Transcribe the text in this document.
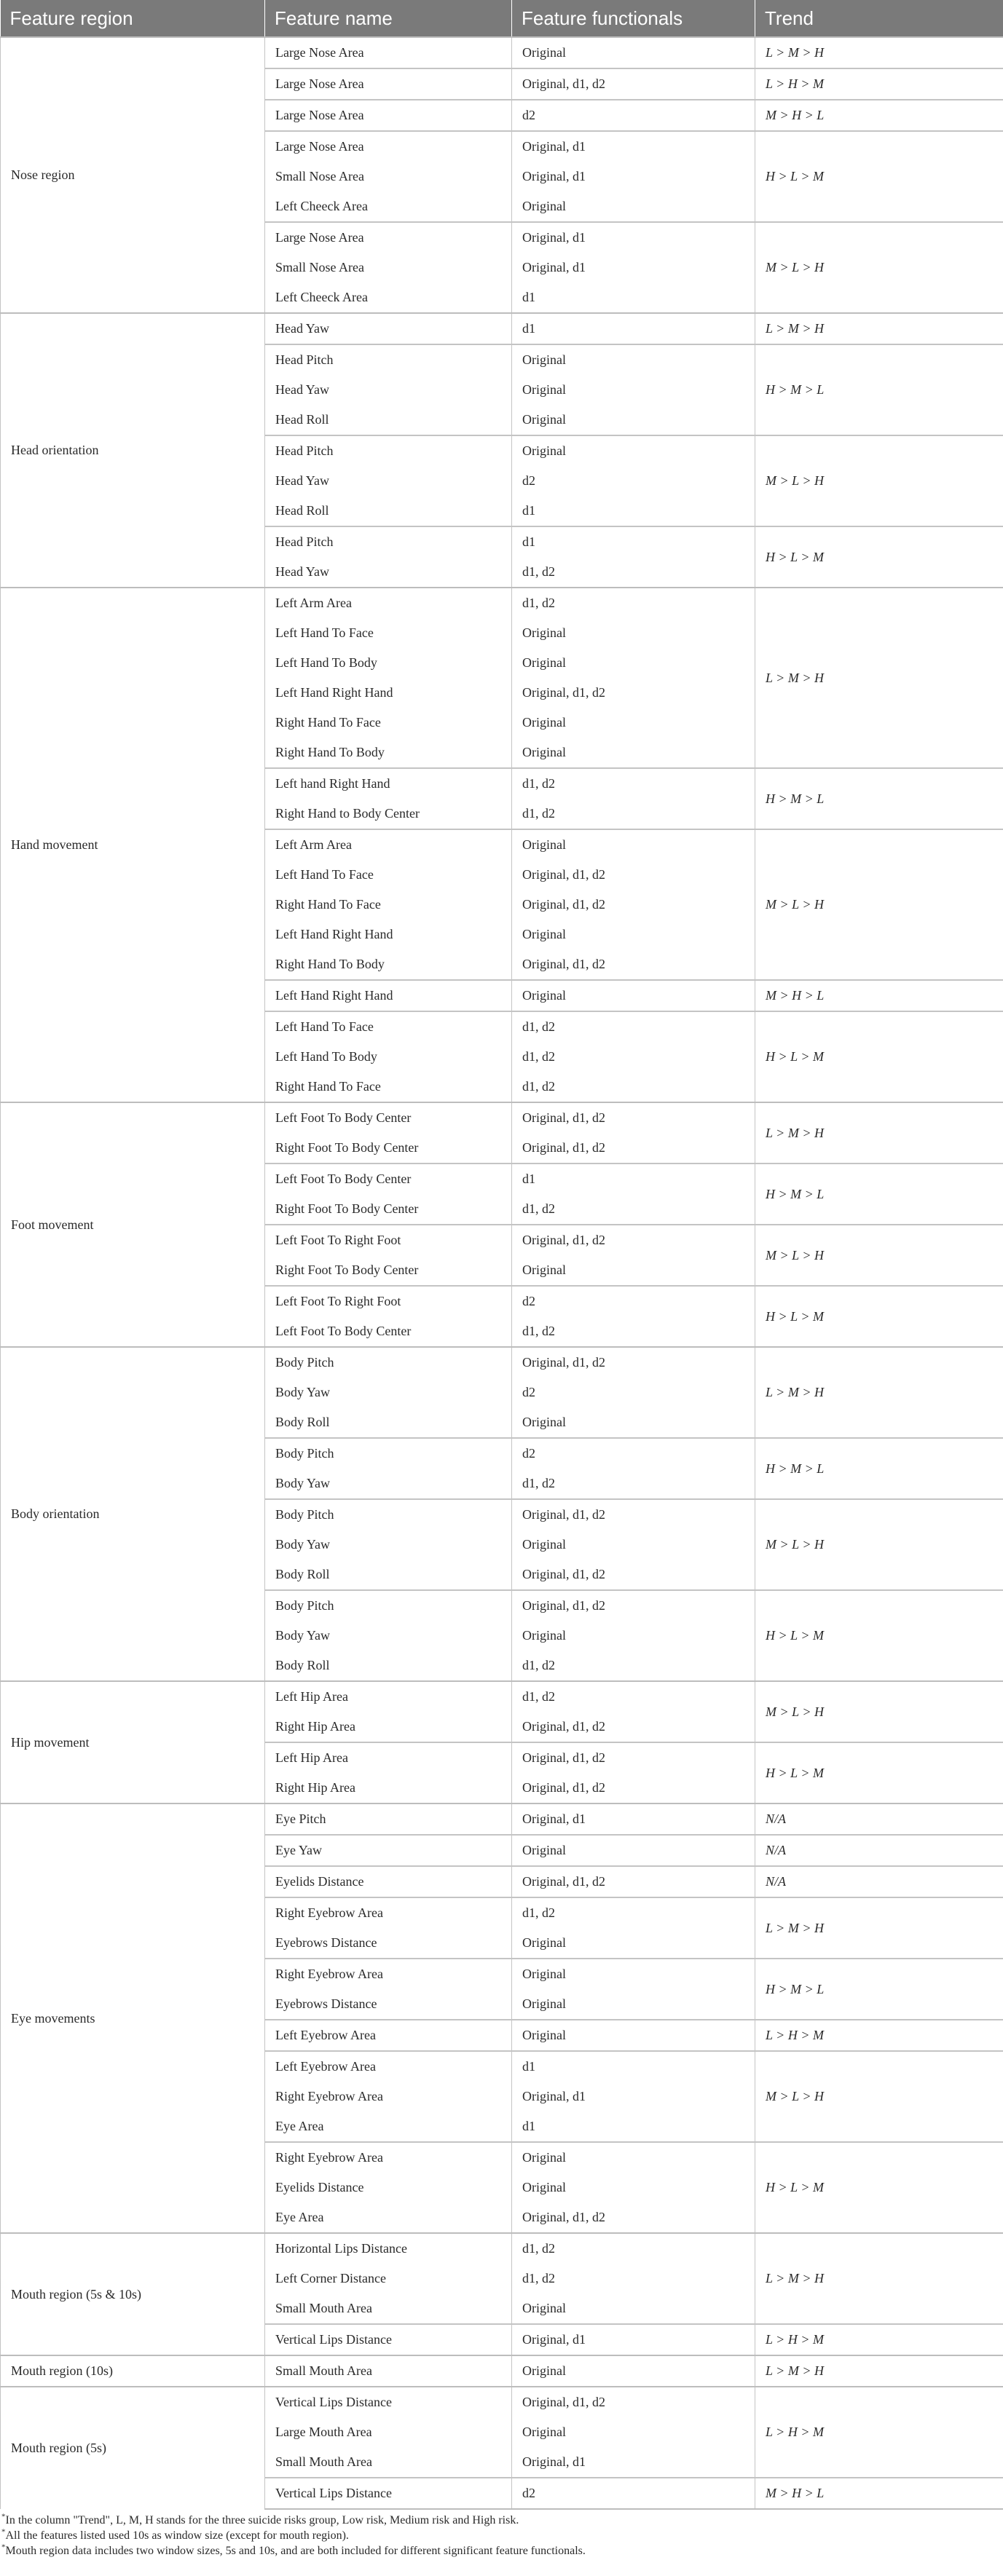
Feature region	Feature name	Feature functionals	Trend
Nose region	Large Nose Area	Original	L > M > H
	Large Nose Area	Original, d1, d2	L > H > M
	Large Nose Area	d2	M > H > L
	Large Nose Area	Original, d1	H > L > M
	Small Nose Area	Original, d1	
	Left Cheeck Area	Original	
	Large Nose Area	Original, d1	M > L > H
	Small Nose Area	Original, d1	
	Left Cheeck Area	d1	
Head orientation	Head Yaw	d1	L > M > H
	Head Pitch	Original	H > M > L
	Head Yaw	Original	
	Head Roll	Original	
	Head Pitch	Original	M > L > H
	Head Yaw	d2	
	Head Roll	d1	
	Head Pitch	d1	H > L > M
	Head Yaw	d1, d2	
Hand movement	Left Arm Area	d1, d2	L > M > H
	Left Hand To Face	Original	
	Left Hand To Body	Original	
	Left Hand Right Hand	Original, d1, d2	
	Right Hand To Face	Original	
	Right Hand To Body	Original	
	Left hand Right Hand	d1, d2	H > M > L
	Right Hand to Body Center	d1, d2	
	Left Arm Area	Original	M > L > H
	Left Hand To Face	Original, d1, d2	
	Right Hand To Face	Original, d1, d2	
	Left Hand Right Hand	Original	
	Right Hand To Body	Original, d1, d2	
	Left Hand Right Hand	Original	M > H > L
	Left Hand To Face	d1, d2	H > L > M
	Left Hand To Body	d1, d2	
	Right Hand To Face	d1, d2	
Foot movement	Left Foot To Body Center	Original, d1, d2	L > M > H
	Right Foot To Body Center	Original, d1, d2	
	Left Foot To Body Center	d1	H > M > L
	Right Foot To Body Center	d1, d2	
	Left Foot To Right Foot	Original, d1, d2	M > L > H
	Right Foot To Body Center	Original	
	Left Foot To Right Foot	d2	H > L > M
	Left Foot To Body Center	d1, d2	
Body orientation	Body Pitch	Original, d1, d2	L > M > H
	Body Yaw	d2	
	Body Roll	Original	
	Body Pitch	d2	H > M > L
	Body Yaw	d1, d2	
	Body Pitch	Original, d1, d2	M > L > H
	Body Yaw	Original	
	Body Roll	Original, d1, d2	
	Body Pitch	Original, d1, d2	H > L > M
	Body Yaw	Original	
	Body Roll	d1, d2	
Hip movement	Left Hip Area	d1, d2	M > L > H
	Right Hip Area	Original, d1, d2	
	Left Hip Area	Original, d1, d2	H > L > M
	Right Hip Area	Original, d1, d2	
Eye movements	Eye Pitch	Original, d1	N/A
	Eye Yaw	Original	N/A
	Eyelids Distance	Original, d1, d2	N/A
	Right Eyebrow Area	d1, d2	L > M > H
	Eyebrows Distance	Original	
	Right Eyebrow Area	Original	H > M > L
	Eyebrows Distance	Original	
	Left Eyebrow Area	Original	L > H > M
	Left Eyebrow Area	d1	M > L > H
	Right Eyebrow Area	Original, d1	
	Eye Area	d1	
	Right Eyebrow Area	Original	H > L > M
	Eyelids Distance	Original	
	Eye Area	Original, d1, d2	
Mouth region (5s & 10s)	Horizontal Lips Distance	d1, d2	L > M > H
	Left Corner Distance	d1, d2	
	Small Mouth Area	Original	
	Vertical Lips Distance	Original, d1	L > H > M
Mouth region (10s)	Small Mouth Area	Original	L > M > H
Mouth region (5s)	Vertical Lips Distance	Original, d1, d2	L > H > M
	Large Mouth Area	Original	
	Small Mouth Area	Original, d1	
	Vertical Lips Distance	d2	M > H > L
*In the column "Trend", L, M, H stands for the three suicide risks group, Low risk, Medium risk and High risk.
*All the features listed used 10s as window size (except for mouth region).
*Mouth region data includes two window sizes, 5s and 10s, and are both included for different significant feature functionals.
